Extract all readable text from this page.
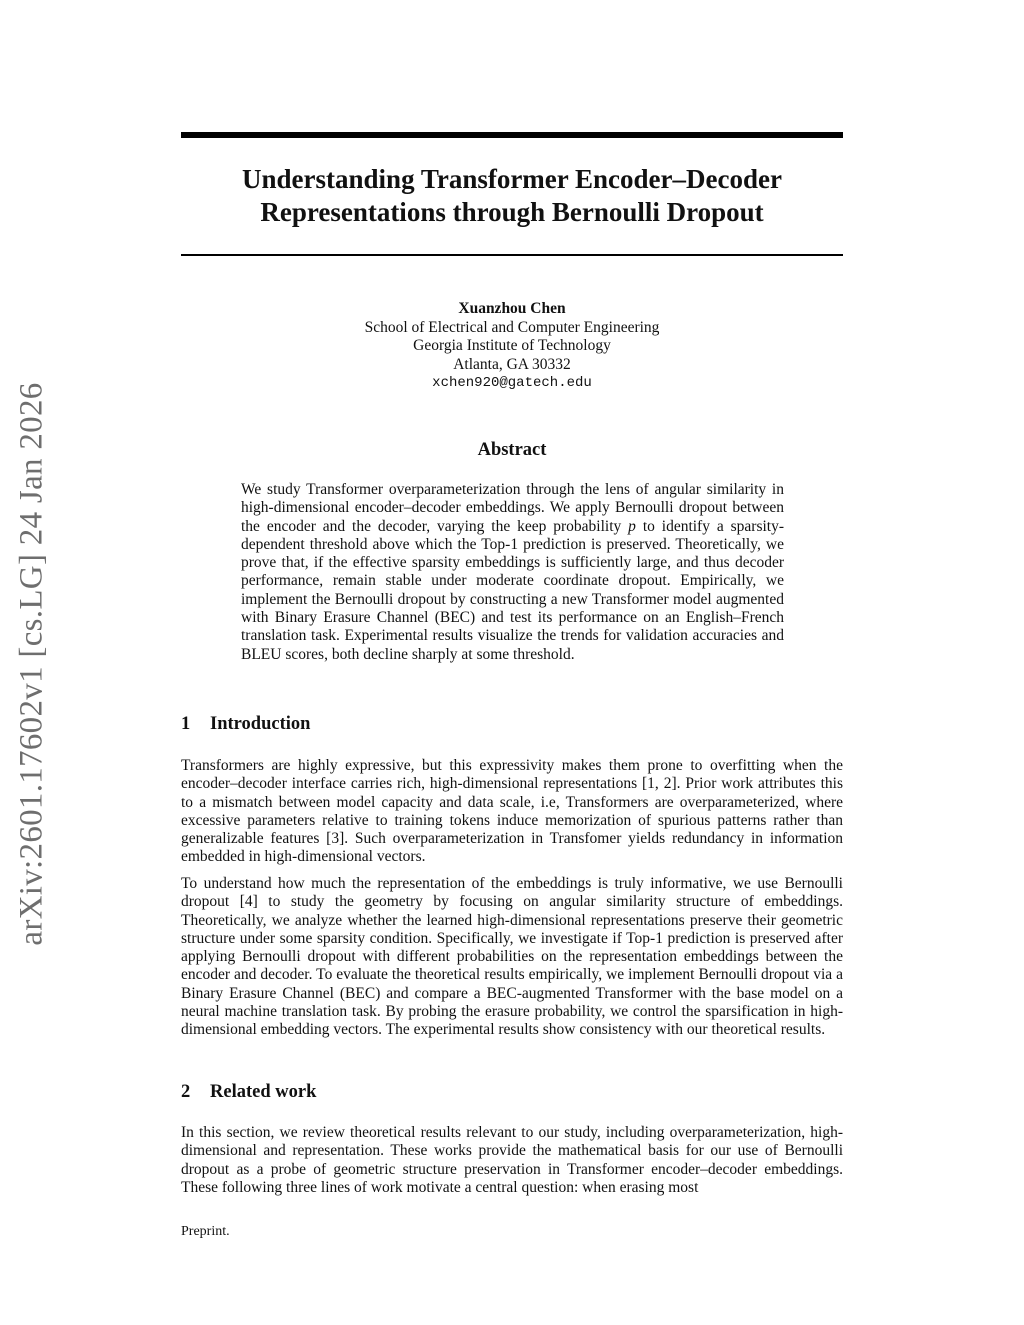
arXiv:2601.17602v1 [cs.LG] 24 Jan 2026
Understanding Transformer Encoder–Decoder
Representations through Bernoulli Dropout
Xuanzhou Chen
School of Electrical and Computer Engineering
Georgia Institute of Technology
Atlanta, GA 30332
xchen920@gatech.edu
Abstract

We study Transformer overparameterization through the lens of angular similarity in high-dimensional encoder–decoder embeddings. We apply Bernoulli dropout between the encoder and the decoder, varying the keep probability p to identify a sparsity-dependent threshold above which the Top-1 prediction is preserved. Theoretically, we prove that, if the effective sparsity embeddings is sufficiently large, and thus decoder performance, remain stable under moderate coordinate dropout. Empirically, we implement the Bernoulli dropout by constructing a new Transformer model augmented with Binary Erasure Channel (BEC) and test its performance on an English–French translation task. Experimental results visualize the trends for validation accuracies and BLEU scores, both decline sharply at some threshold.

1 Introduction

Transformers are highly expressive, but this expressivity makes them prone to overfitting when the encoder–decoder interface carries rich, high-dimensional representations [1, 2]. Prior work attributes this to a mismatch between model capacity and data scale, i.e, Transformers are overparameterized, where excessive parameters relative to training tokens induce memorization of spurious patterns rather than generalizable features [3]. Such overparameterization in Transfomer yields redundancy in information embedded in high-dimensional vectors.

To understand how much the representation of the embeddings is truly informative, we use Bernoulli dropout [4] to study the geometry by focusing on angular similarity structure of embeddings. Theoretically, we analyze whether the learned high-dimensional representations preserve their geometric structure under some sparsity condition. Specifically, we investigate if Top-1 prediction is preserved after applying Bernoulli dropout with different probabilities on the representation embeddings between the encoder and decoder. To evaluate the theoretical results empirically, we implement Bernoulli dropout via a Binary Erasure Channel (BEC) and compare a BEC-augmented Transformer with the base model on a neural machine translation task. By probing the erasure probability, we control the sparsification in high-dimensional embedding vectors. The experimental results show consistency with our theoretical results.

2 Related work

In this section, we review theoretical results relevant to our study, including overparameterization, high-dimensional and representation. These works provide the mathematical basis for our use of Bernoulli dropout as a probe of geometric structure preservation in Transformer encoder–decoder embeddings. These following three lines of work motivate a central question: when erasing most

Preprint.
